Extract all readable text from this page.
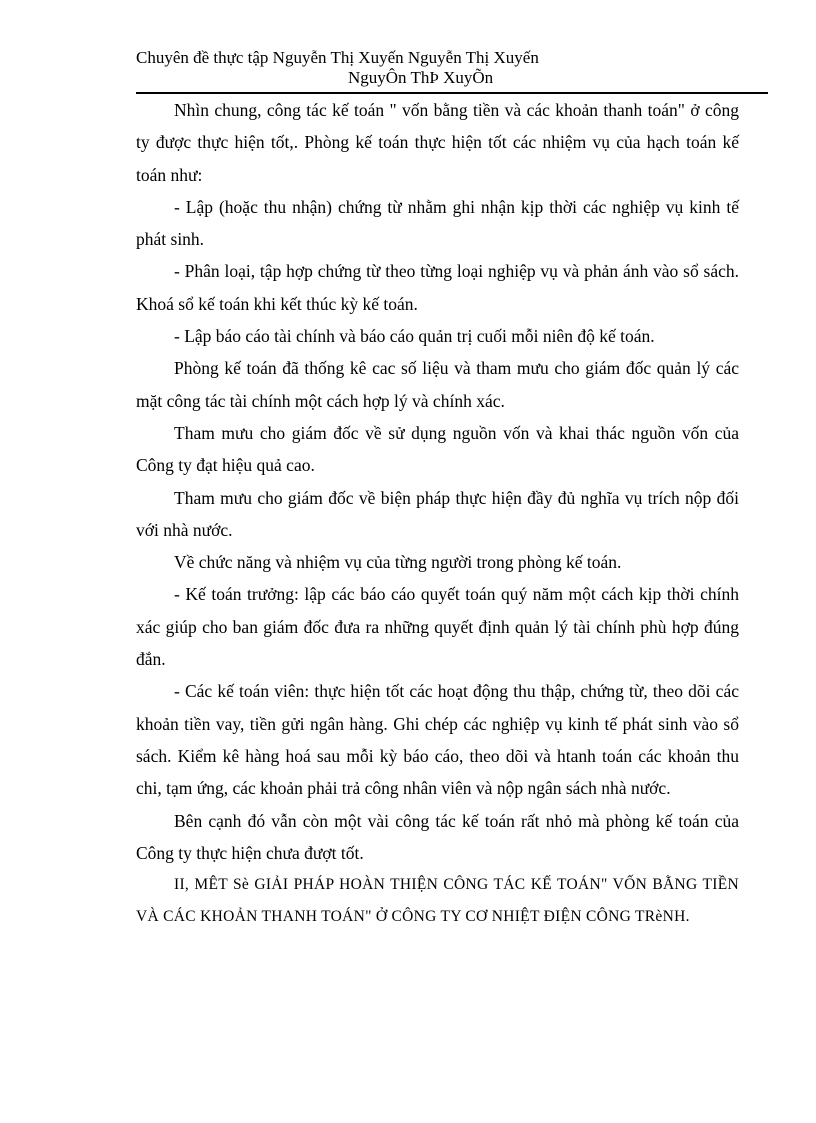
Chuyên đề thực tập Nguyễn Thị Xuyến Nguyễn Thị Xuyến
NguyÔn ThÞ XuyÕn

Nhìn chung, công tác kế toán " vốn bằng tiền và các khoản thanh toán" ở công ty được thực hiện tốt,. Phòng kế toán thực hiện tốt các nhiệm vụ của hạch toán kế toán như:

- Lập (hoặc thu nhận) chứng từ nhằm ghi nhận kịp thời các nghiệp vụ kinh tế phát sinh.

- Phân loại, tập hợp chứng từ theo từng loại nghiệp vụ và phản ánh vào sổ sách. Khoá sổ kế toán khi kết thúc kỳ kế toán.

- Lập báo cáo tài chính và báo cáo quản trị cuối mỗi niên độ kế toán.

Phòng kế toán đã thống kê cac số liệu và tham mưu cho giám đốc quản lý các mặt công tác tài chính một cách hợp lý và chính xác.

Tham mưu cho giám đốc về sử dụng nguồn vốn và khai thác nguồn vốn của Công ty đạt hiệu quả cao.

Tham mưu cho giám đốc về biện pháp thực hiện đầy đủ nghĩa vụ trích nộp đối với nhà nước.

Về chức năng và nhiệm vụ của từng người trong phòng kế toán.

- Kế toán trưởng: lập các báo cáo quyết toán quý năm một cách kịp thời chính xác giúp cho ban giám đốc đưa ra những quyết định quản lý tài chính phù hợp đúng đắn.

- Các kế toán viên: thực hiện tốt các hoạt động thu thập, chứng từ, theo dõi các khoản tiền vay, tiền gửi ngân hàng. Ghi chép các nghiệp vụ kinh tế phát sinh vào sổ sách. Kiểm kê hàng hoá sau mỗi kỳ báo cáo, theo dõi và htanh toán các khoản thu chi, tạm ứng, các khoản phải trả công nhân viên và nộp ngân sách nhà nước.

Bên cạnh đó vẫn còn một vài công tác kế toán rất nhỏ mà phòng kế toán của Công ty thực hiện chưa đượt tốt.

II, MÊT Sè GIẢI PHÁP HOÀN THIỆN CÔNG TÁC KẾ TOÁN" VỐN BẰNG TIỀN VÀ CÁC KHOẢN THANH TOÁN" Ở CÔNG TY CƠ NHIỆT ĐIỆN CÔNG TRèNH.
